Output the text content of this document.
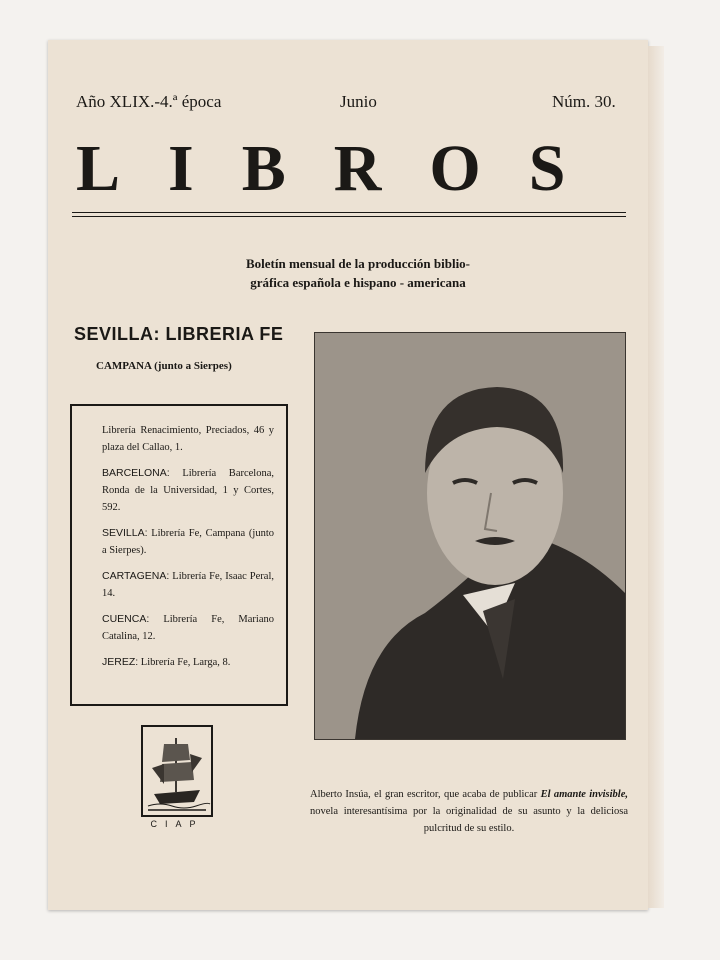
Año XLIX.-4.ª época	Junio	Núm. 30.
LIBROS
Boletín mensual de la producción biblio-
gráfica española e hispano - americana
SEVILLA: LIBRERIA FE
CAMPANA (junto a Sierpes)
Librería Renacimiento, Preciados, 46 y plaza del Callao, 1.
BARCELONA: Librería Barcelona, Ronda de la Universidad, 1 y Cortes, 592.
SEVILLA: Librería Fe, Campana (junto a Sierpes).
CARTAGENA: Librería Fe, Isaac Peral, 14.
CUENCA: Librería Fe, Mariano Catalina, 12.
JEREZ: Librería Fe, Larga, 8.
CIAP
Alberto Insúa, el gran escritor, que acaba de publicar El amante invisible, novela interesantísima por la originalidad de su asunto y la deliciosa pulcritud de su estilo.
